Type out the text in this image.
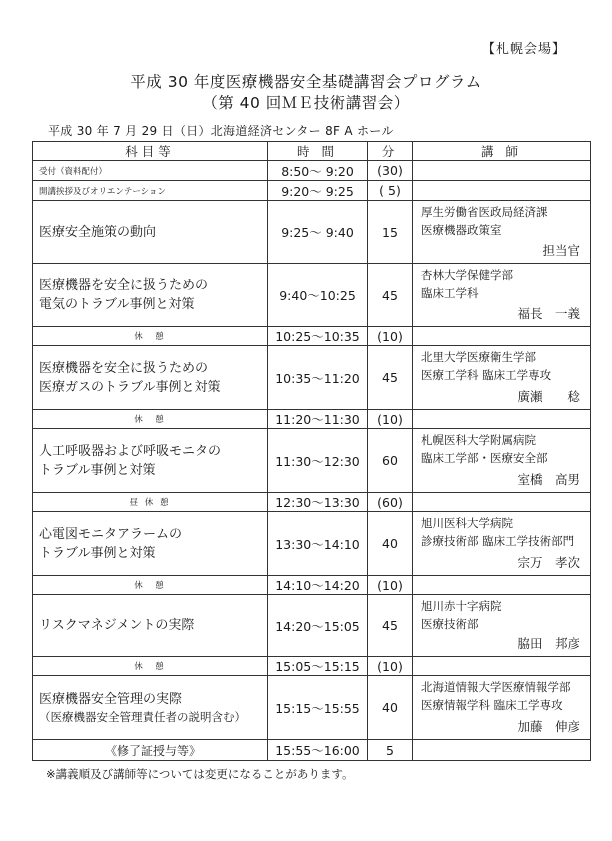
【札幌会場】
平成 30 年度医療機器安全基礎講習会プログラム
（第 40 回ＭＥ技術講習会）
平成 30 年 7 月 29 日（日）北海道経済センター 8F A ホール
科目等	時 間	分	講 師
受付（資料配付）	8:50～ 9:20	(30)	
開講挨拶及びオリエンテーション	9:20～ 9:25	( 5)	

医療安全施策の動向	9:25～ 9:40	15	厚生労働省医政局経済課
医療機器政策室
担当官

医療機器を安全に扱うための
電気のトラブル事例と対策	9:40～10:25	45	杏林大学保健学部
臨床工学科
福長　一義

休　憩	10:25～10:35	(10)	

医療機器を安全に扱うための
医療ガスのトラブル事例と対策	10:35～11:20	45	北里大学医療衛生学部
医療工学科 臨床工学専攻
廣瀬　　稔

休　憩	11:20～11:30	(10)	

人工呼吸器および呼吸モニタの
トラブル事例と対策	11:30～12:30	60	札幌医科大学附属病院
臨床工学部・医療安全部
室橋　高男

昼 休 憩	12:30～13:30	(60)	

心電図モニタアラームの
トラブル事例と対策	13:30～14:10	40	旭川医科大学病院
診療技術部 臨床工学技術部門
宗万　孝次

休　憩	14:10～14:20	(10)	

リスクマネジメントの実際	14:20～15:05	45	旭川赤十字病院
医療技術部
脇田　邦彦

休　憩	15:05～15:15	(10)	

医療機器安全管理の実際
（医療機器安全管理責任者の説明含む）	15:15～15:55	40	北海道情報大学医療情報学部
医療情報学科 臨床工学専攻
加藤　伸彦

《修了証授与等》	15:55～16:00	5	
※講義順及び講師等については変更になることがあります。
